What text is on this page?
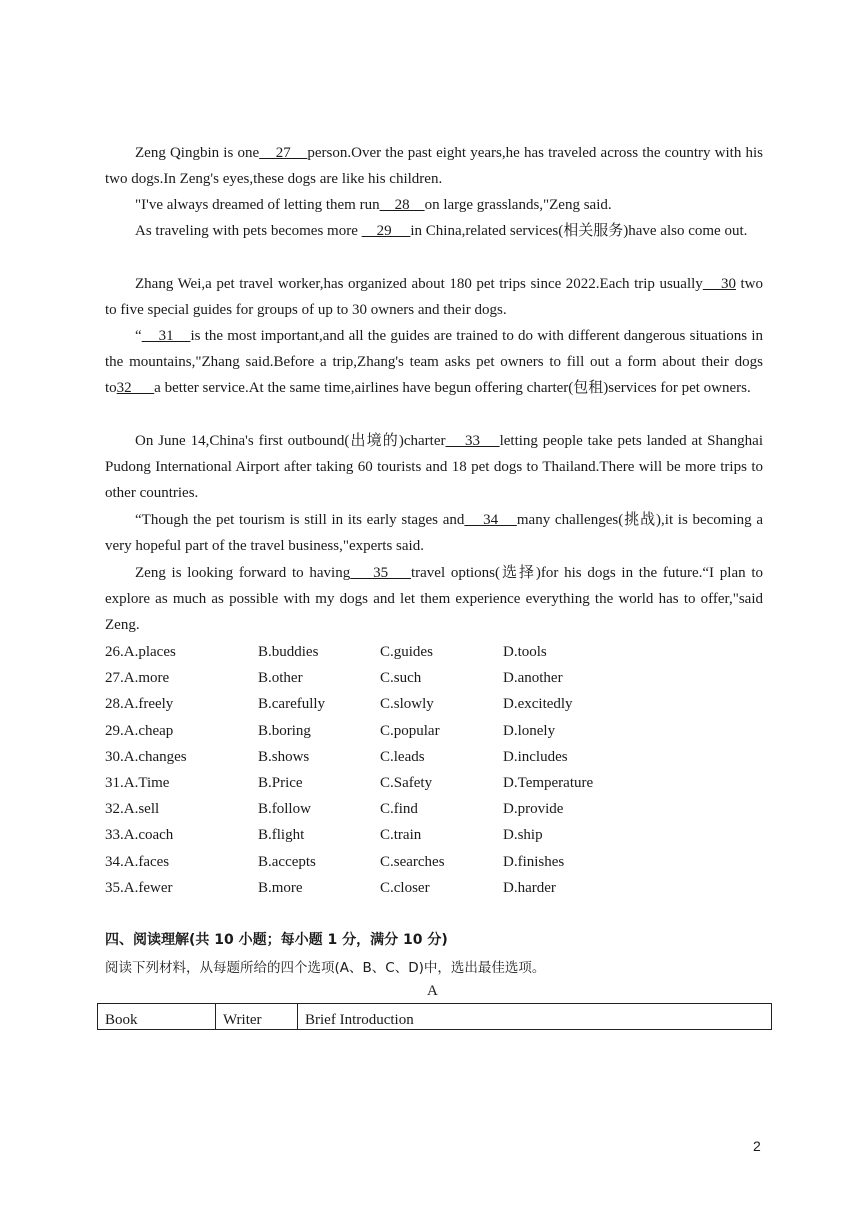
Zeng Qingbin is one    27    person.Over the past eight years,he has traveled across the country with his two dogs.In Zeng's eyes,these dogs are like his children.
"I've always dreamed of letting them run    28    on large grasslands,"Zeng said.
As traveling with pets becomes more     29     in China,related services(相关服务)have also come out.
Zhang Wei,a pet travel worker,has organized about 180 pet trips since 2022.Each trip usually    30 two to five special guides for groups of up to 30 owners and their dogs.
“    31    is the most important,and all the guides are trained to do with different dangerous situations in the mountains,"Zhang said.Before a trip,Zhang's team asks pet owners to fill out a form about their dogs to32      a better service.At the same time,airlines have begun offering charter(包租)services for pet owners.
On June 14,China's first outbound(出境的)charter    33    letting people take pets landed at Shanghai Pudong International Airport after taking 60 tourists and 18 pet dogs to Thailand.There will be more trips to other countries.
“Though the pet tourism is still in its early stages and    34    many challenges(挑战),it is becoming a very hopeful part of the travel business,"experts said.
Zeng is looking forward to having    35    travel options(选择)for his dogs in the future.“I plan to explore as much as possible with my dogs and let them experience everything the world has to offer,"said Zeng.
26.A.places	B.buddies	C.guides	D.tools
27.A.more	B.other	C.such	D.another
28.A.freely	B.carefully	C.slowly	D.excitedly
29.A.cheap	B.boring	C.popular	D.lonely
30.A.changes	B.shows	C.leads	D.includes
31.A.Time	B.Price	C.Safety	D.Temperature
32.A.sell	B.follow	C.find	D.provide
33.A.coach	B.flight	C.train	D.ship
34.A.faces	B.accepts	C.searches	D.finishes
35.A.fewer	B.more	C.closer	D.harder
四、阅读理解(共 10 小题；每小题 1 分，满分 10 分)
阅读下列材料，从每题所给的四个选项(A、B、C、D)中，选出最佳选项。
A
Book	Writer	Brief Introduction
2
